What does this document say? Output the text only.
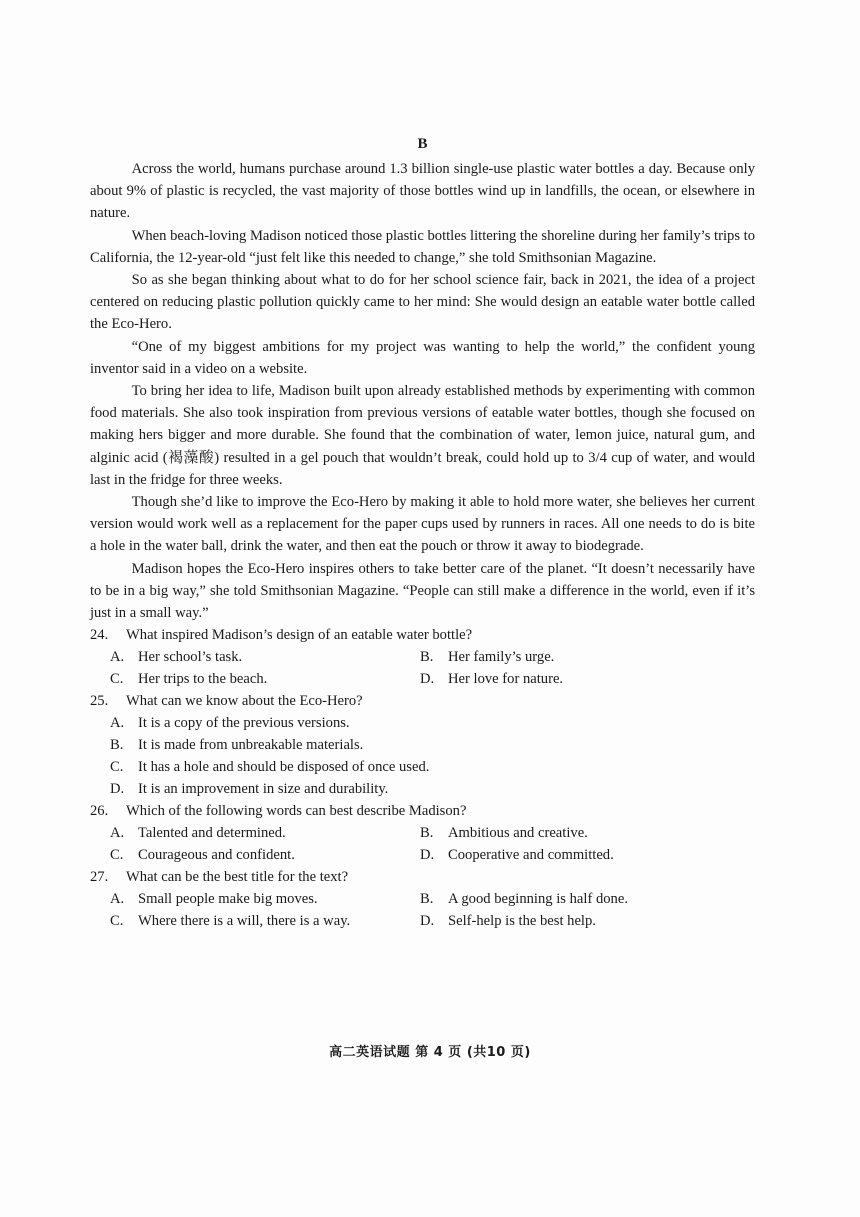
B

Across the world, humans purchase around 1.3 billion single-use plastic water bottles a day. Because only about 9% of plastic is recycled, the vast majority of those bottles wind up in landfills, the ocean, or elsewhere in nature.

When beach-loving Madison noticed those plastic bottles littering the shoreline during her family’s trips to California, the 12-year-old “just felt like this needed to change,” she told Smithsonian Magazine.

So as she began thinking about what to do for her school science fair, back in 2021, the idea of a project centered on reducing plastic pollution quickly came to her mind: She would design an eatable water bottle called the Eco-Hero.

“One of my biggest ambitions for my project was wanting to help the world,” the confident young inventor said in a video on a website.

To bring her idea to life, Madison built upon already established methods by experimenting with common food materials. She also took inspiration from previous versions of eatable water bottles, though she focused on making hers bigger and more durable. She found that the combination of water, lemon juice, natural gum, and alginic acid (褐藻酸) resulted in a gel pouch that wouldn’t break, could hold up to 3/4 cup of water, and would last in the fridge for three weeks.

Though she’d like to improve the Eco-Hero by making it able to hold more water, she believes her current version would work well as a replacement for the paper cups used by runners in races. All one needs to do is bite a hole in the water ball, drink the water, and then eat the pouch or throw it away to biodegrade.

Madison hopes the Eco-Hero inspires others to take better care of the planet. “It doesn’t necessarily have to be in a big way,” she told Smithsonian Magazine. “People can still make a difference in the world, even if it’s just in a small way.”

24. What inspired Madison’s design of an eatable water bottle?

A. Her school’s task.	B. Her family’s urge.
C. Her trips to the beach.	D. Her love for nature.

25. What can we know about the Eco-Hero?

A. It is a copy of the previous versions.
B. It is made from unbreakable materials.
C. It has a hole and should be disposed of once used.
D. It is an improvement in size and durability.

26. Which of the following words can best describe Madison?

A. Talented and determined.	B. Ambitious and creative.
C. Courageous and confident.	D. Cooperative and committed.

27. What can be the best title for the text?

A. Small people make big moves.	B. A good beginning is half done.
C. Where there is a will, there is a way.	D. Self-help is the best help.
高二英语试题 第 4 页 (共10 页)
